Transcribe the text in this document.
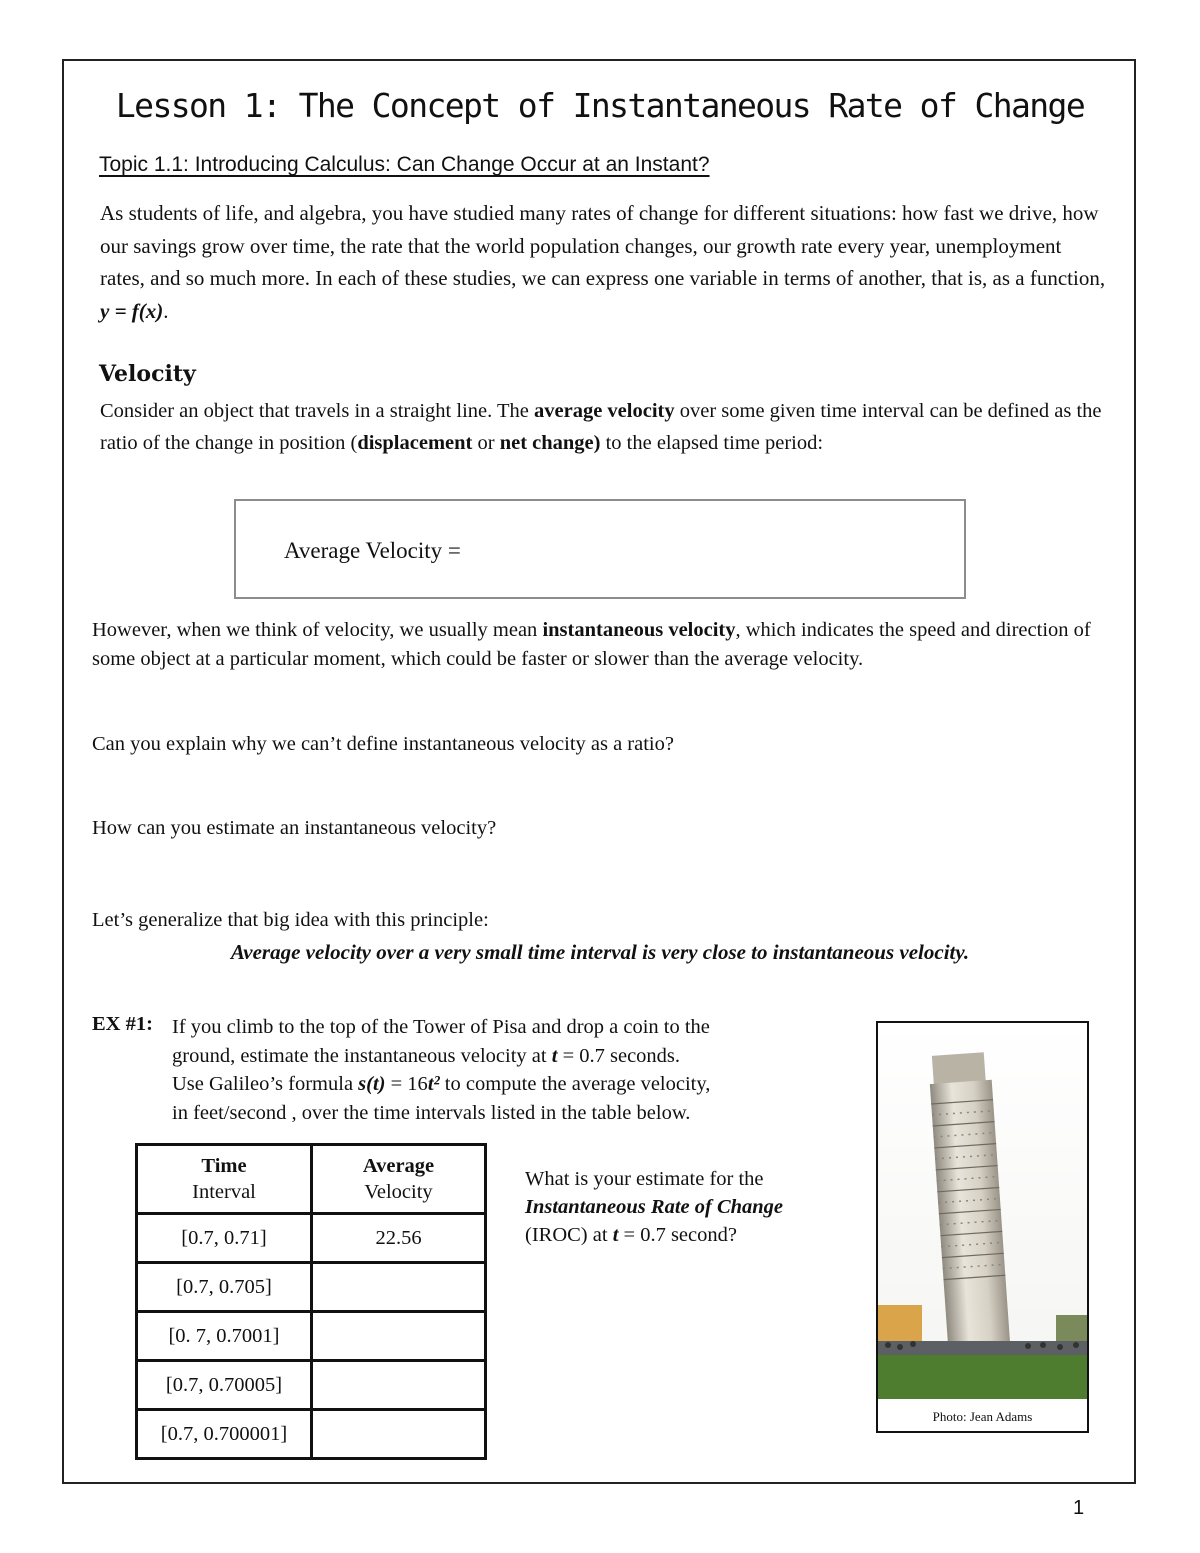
Lesson 1: The Concept of Instantaneous Rate of Change
Topic 1.1: Introducing Calculus: Can Change Occur at an Instant?
As students of life, and algebra, you have studied many rates of change for different situations: how fast we drive, how our savings grow over time, the rate that the world population changes, our growth rate every year, unemployment rates, and so much more. In each of these studies, we can express one variable in terms of another, that is, as a function, y = f(x).
Velocity
Consider an object that travels in a straight line. The average velocity over some given time interval can be defined as the ratio of the change in position (displacement or net change) to the elapsed time period:
Average Velocity =
However, when we think of velocity, we usually mean instantaneous velocity, which indicates the speed and direction of some object at a particular moment, which could be faster or slower than the average velocity.
Can you explain why we can’t define instantaneous velocity as a ratio?
How can you estimate an instantaneous velocity?
Let’s generalize that big idea with this principle:
Average velocity over a very small time interval is very close to instantaneous velocity.
EX #1: If you climb to the top of the Tower of Pisa and drop a coin to the
ground, estimate the instantaneous velocity at t = 0.7 seconds.
Use Galileo’s formula s(t) = 16t² to compute the average velocity,
in feet/second , over the time intervals listed in the table below.
Time
Interval	Average
Velocity
[0.7, 0.71]	22.56
[0.7, 0.705]	
[0. 7, 0.7001]	
[0.7, 0.70005]	
[0.7, 0.700001]	
What is your estimate for the
Instantaneous Rate of Change
(IROC) at t = 0.7 second?
Photo: Jean Adams
1
